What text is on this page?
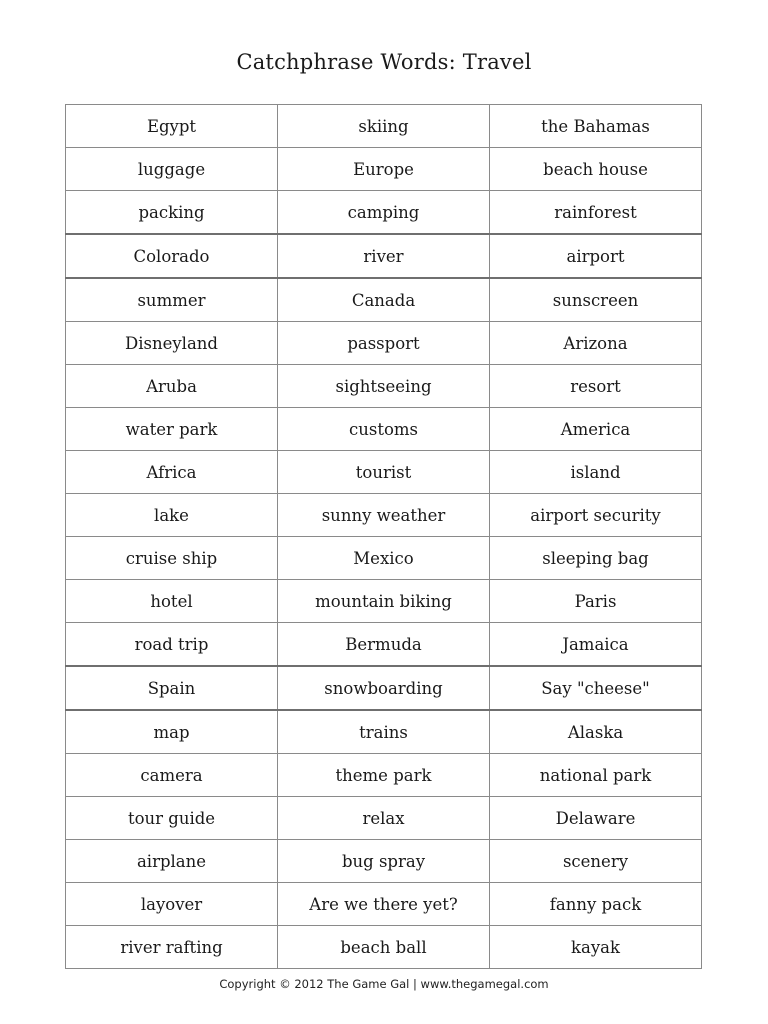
Catchphrase Words: Travel
Egypt	skiing	the Bahamas
luggage	Europe	beach house
packing	camping	rainforest
Colorado	river	airport
summer	Canada	sunscreen
Disneyland	passport	Arizona
Aruba	sightseeing	resort
water park	customs	America
Africa	tourist	island
lake	sunny weather	airport security
cruise ship	Mexico	sleeping bag
hotel	mountain biking	Paris
road trip	Bermuda	Jamaica
Spain	snowboarding	Say "cheese"
map	trains	Alaska
camera	theme park	national park
tour guide	relax	Delaware
airplane	bug spray	scenery
layover	Are we there yet?	fanny pack
river rafting	beach ball	kayak
Copyright © 2012 The Game Gal | www.thegamegal.com
